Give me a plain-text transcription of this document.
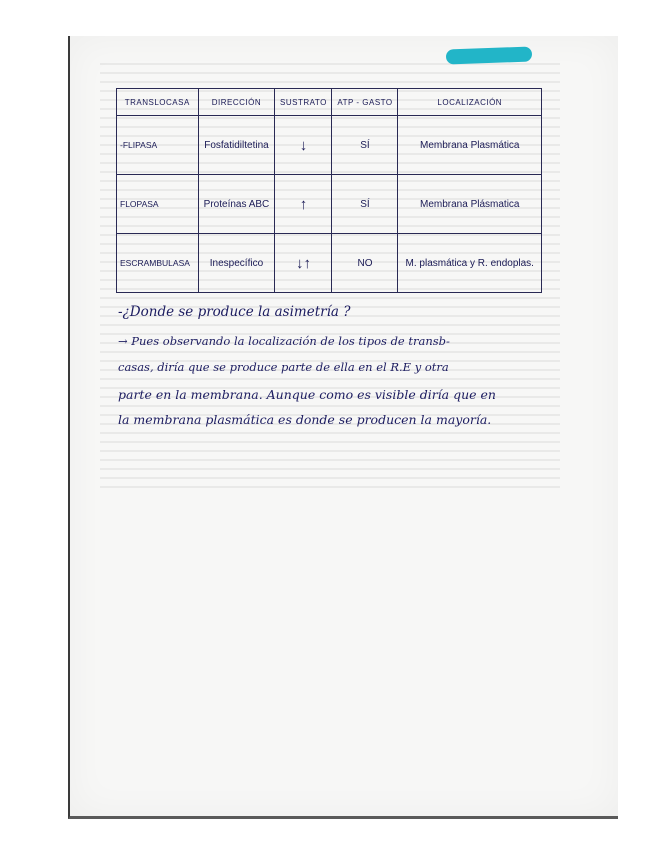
TRANSLOCASA	DIRECCIÓN	SUSTRATO	ATP - GASTO	LOCALIZACIÓN
-FLIPASA	Fosfatidiltetina	↓	SÍ	Membrana Plasmática
FLOPASA	Proteínas ABC	↑	SÍ	Membrana Plásmatica
ESCRAMBULASA	Inespecífico	↓↑	NO	M. plasmática y R. endoplas.
-¿Donde se produce la asimetría ?
→ Pues observando la localización de los tipos de transb-
casas, diría que se produce parte de ella en el R.E y otra
parte en la membrana. Aunque como es visible diría que en
la membrana plasmática es donde se producen la mayoría.
